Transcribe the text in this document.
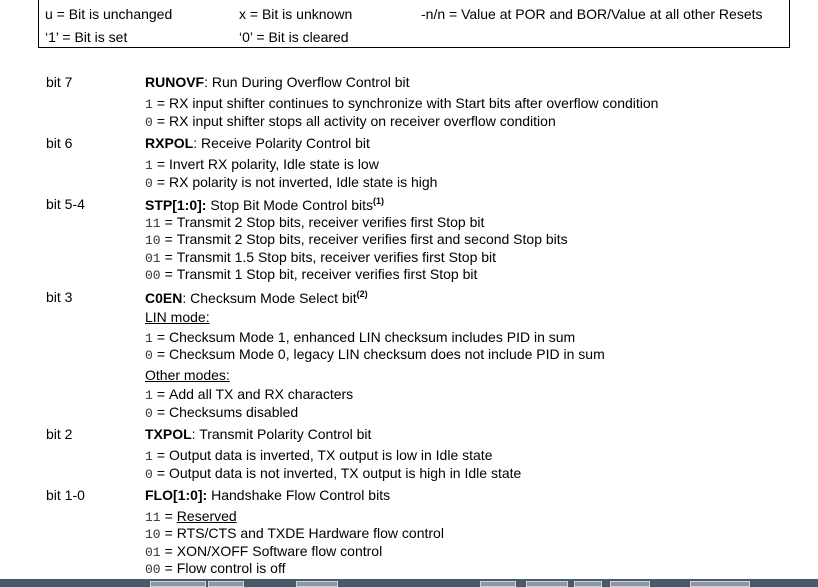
u = Bit is unchanged	x = Bit is unknown	-n/n = Value at POR and BOR/Value at all other Resets
‘1’ = Bit is set	‘0’ = Bit is cleared
bit 7	RUNOVF: Run During Overflow Control bit
1 = RX input shifter continues to synchronize with Start bits after overflow condition
0 = RX input shifter stops all activity on receiver overflow condition
bit 6	RXPOL: Receive Polarity Control bit
1 = Invert RX polarity, Idle state is low
0 = RX polarity is not inverted, Idle state is high
bit 5-4	STP[1:0]: Stop Bit Mode Control bits$^{(1)}$
11 = Transmit 2 Stop bits, receiver verifies first Stop bit
10 = Transmit 2 Stop bits, receiver verifies first and second Stop bits
01 = Transmit 1.5 Stop bits, receiver verifies first Stop bit
00 = Transmit 1 Stop bit, receiver verifies first Stop bit
bit 3	C0EN: Checksum Mode Select bit$^{(2)}$
LIN mode:
1 = Checksum Mode 1, enhanced LIN checksum includes PID in sum
0 = Checksum Mode 0, legacy LIN checksum does not include PID in sum
Other modes:
1 = Add all TX and RX characters
0 = Checksums disabled
bit 2	TXPOL: Transmit Polarity Control bit
1 = Output data is inverted, TX output is low in Idle state
0 = Output data is not inverted, TX output is high in Idle state
bit 1-0	FLO[1:0]: Handshake Flow Control bits
11 = Reserved
10 = RTS/CTS and TXDE Hardware flow control
01 = XON/XOFF Software flow control
00 = Flow control is off
